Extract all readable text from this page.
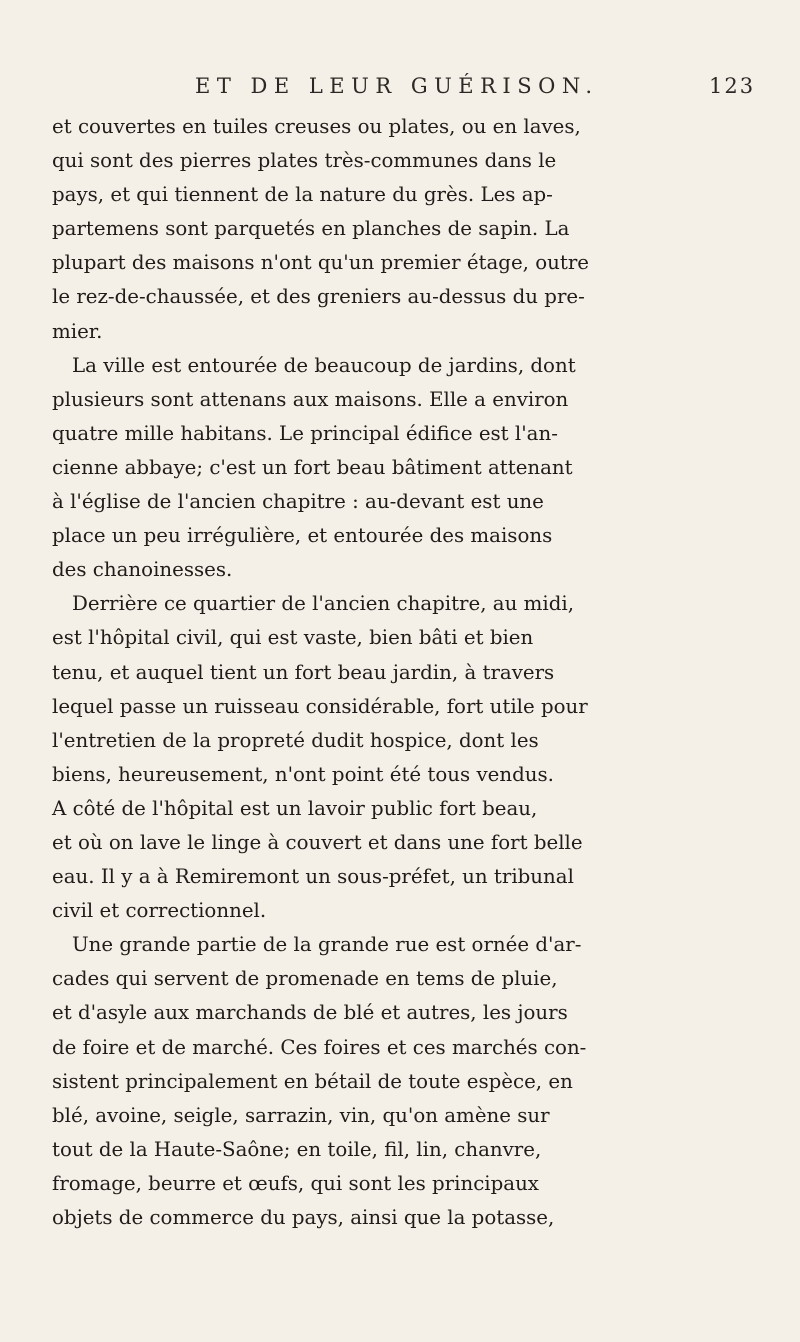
ET DE LEUR GUÉRISON.	123
et couvertes en tuiles creuses ou plates, ou en laves,
qui sont des pierres plates très-communes dans le
pays, et qui tiennent de la nature du grès. Les ap-
partemens sont parquetés en planches de sapin. La
plupart des maisons n'ont qu'un premier étage, outre
le rez-de-chaussée, et des greniers au-dessus du pre-
mier.
La ville est entourée de beaucoup de jardins, dont
plusieurs sont attenans aux maisons. Elle a environ
quatre mille habitans. Le principal édifice est l'an-
cienne abbaye; c'est un fort beau bâtiment attenant
à l'église de l'ancien chapitre : au-devant est une
place un peu irrégulière, et entourée des maisons
des chanoinesses.
Derrière ce quartier de l'ancien chapitre, au midi,
est l'hôpital civil, qui est vaste, bien bâti et bien
tenu, et auquel tient un fort beau jardin, à travers
lequel passe un ruisseau considérable, fort utile pour
l'entretien de la propreté dudit hospice, dont les
biens, heureusement, n'ont point été tous vendus.
A côté de l'hôpital est un lavoir public fort beau,
et où on lave le linge à couvert et dans une fort belle
eau. Il y a à Remiremont un sous-préfet, un tribunal
civil et correctionnel.
Une grande partie de la grande rue est ornée d'ar-
cades qui servent de promenade en tems de pluie,
et d'asyle aux marchands de blé et autres, les jours
de foire et de marché. Ces foires et ces marchés con-
sistent principalement en bétail de toute espèce, en
blé, avoine, seigle, sarrazin, vin, qu'on amène sur
tout de la Haute-Saône; en toile, fil, lin, chanvre,
fromage, beurre et œufs, qui sont les principaux
objets de commerce du pays, ainsi que la potasse,
